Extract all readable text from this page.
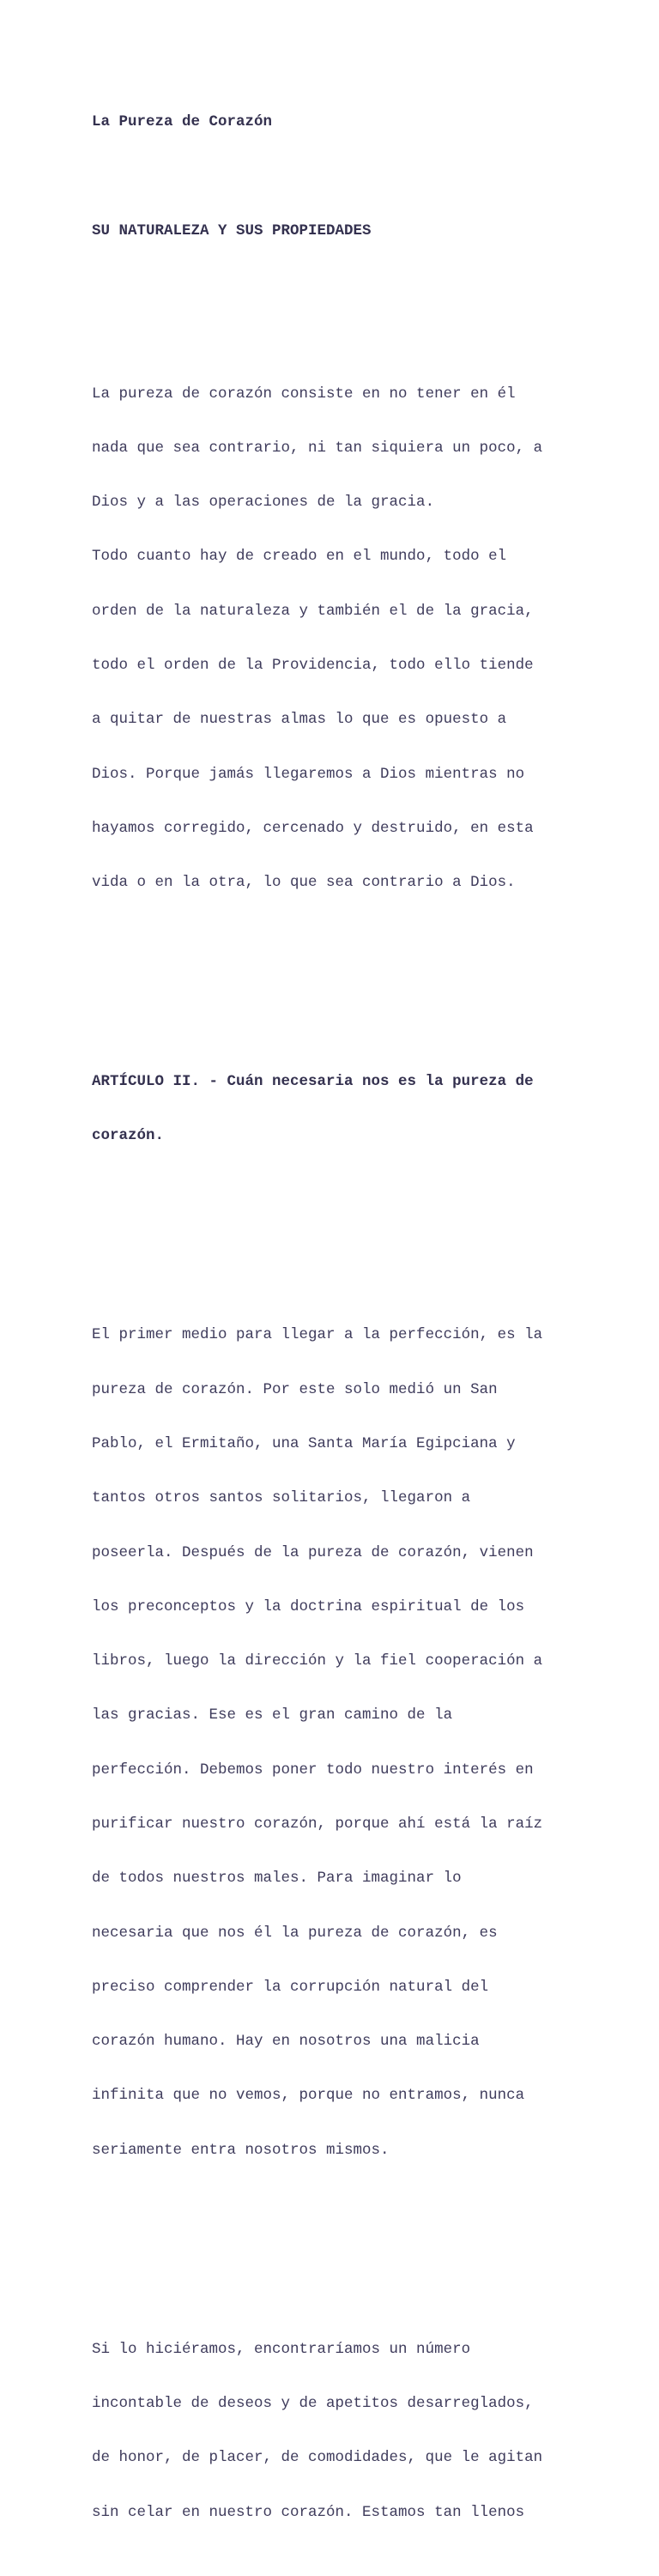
La Pureza de Corazón

SU NATURALEZA Y SUS PROPIEDADES

La pureza de corazón consiste en no tener en él

nada que sea contrario, ni tan siquiera un poco, a

Dios y a las operaciones de la gracia.

Todo cuanto hay de creado en el mundo, todo el

orden de la naturaleza y también el de la gracia,

todo el orden de la Providencia, todo ello tiende

a quitar de nuestras almas lo que es opuesto a

Dios. Porque jamás llegaremos a Dios mientras no

hayamos corregido, cercenado y destruido, en esta

vida o en la otra, lo que sea contrario a Dios.

ARTÍCULO II. - Cuán necesaria nos es la pureza de

corazón.

El primer medio para llegar a la perfección, es la

pureza de corazón. Por este solo medió un San

Pablo, el Ermitaño, una Santa María Egipciana y

tantos otros santos solitarios, llegaron a

poseerla. Después de la pureza de corazón, vienen

los preconceptos y la doctrina espiritual de los

libros, luego la dirección y la fiel cooperación a

las gracias. Ese es el gran camino de la

perfección. Debemos poner todo nuestro interés en

purificar nuestro corazón, porque ahí está la raíz

de todos nuestros males. Para imaginar lo

necesaria que nos él la pureza de corazón, es

preciso comprender la corrupción natural del

corazón humano. Hay en nosotros una malicia

infinita que no vemos, porque no entramos, nunca

seriamente entra nosotros mismos.

Si lo hiciéramos, encontraríamos un número

incontable de deseos y de apetitos desarreglados,

de honor, de placer, de comodidades, que le agitan

sin celar en nuestro corazón. Estamos tan llenos
